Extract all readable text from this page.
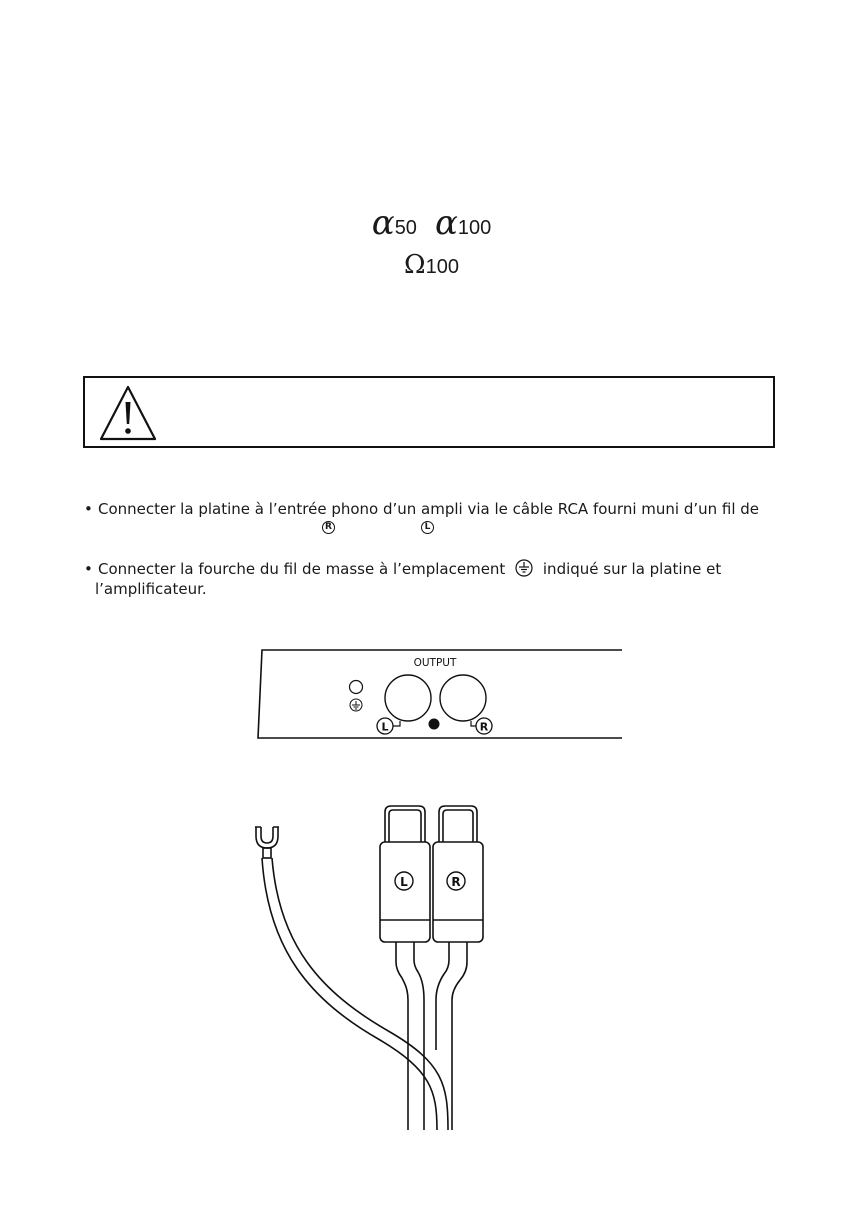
α50 α100
Ω100
• Connecter la platine à l’entrée phono d’un ampli via le câble RCA fourni muni d’un fil de
R	L
• Connecter la fourche du fil de masse à l’emplacement	indiqué sur la platine et
l’amplificateur.
OUTPUT
L	R
L	R
